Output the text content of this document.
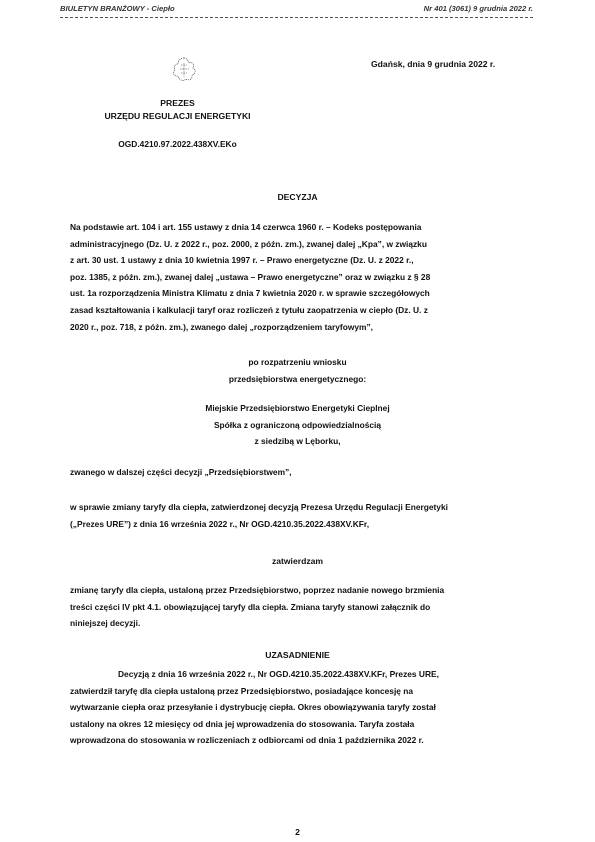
BIULETYN BRANŻOWY - Ciepło	Nr 401 (3061) 9 grudnia 2022 r.
Gdańsk, dnia 9 grudnia 2022 r.
PREZES
URZĘDU REGULACJI ENERGETYKI
OGD.4210.97.2022.438XV.EKo
DECYZJA
Na podstawie art. 104 i art. 155 ustawy z dnia 14 czerwca 1960 r. – Kodeks postępowania
administracyjnego (Dz. U. z 2022 r., poz. 2000, z późn. zm.), zwanej dalej „Kpa”, w związku
z art. 30 ust. 1 ustawy z dnia 10 kwietnia 1997 r. – Prawo energetyczne (Dz. U. z 2022 r.,
poz. 1385, z późn. zm.), zwanej dalej „ustawa – Prawo energetyczne” oraz w związku z § 28
ust. 1a rozporządzenia Ministra Klimatu z dnia 7 kwietnia 2020 r. w sprawie szczegółowych
zasad kształtowania i kalkulacji taryf oraz rozliczeń z tytułu zaopatrzenia w ciepło (Dz. U. z
2020 r., poz. 718, z późn. zm.), zwanego dalej „rozporządzeniem taryfowym”,
po rozpatrzeniu wniosku
przedsiębiorstwa energetycznego:
Miejskie Przedsiębiorstwo Energetyki Cieplnej
Spółka z ograniczoną odpowiedzialnością
z siedzibą w Lęborku,
zwanego w dalszej części decyzji „Przedsiębiorstwem”,
w sprawie zmiany taryfy dla ciepła, zatwierdzonej decyzją Prezesa Urzędu Regulacji Energetyki
(„Prezes URE”) z dnia 16 września 2022 r., Nr OGD.4210.35.2022.438XV.KFr,
zatwierdzam
zmianę taryfy dla ciepła, ustaloną przez Przedsiębiorstwo, poprzez nadanie nowego brzmienia
treści części IV pkt 4.1. obowiązującej taryfy dla ciepła. Zmiana taryfy stanowi załącznik do
niniejszej decyzji.
UZASADNIENIE
Decyzją z dnia 16 września 2022 r., Nr OGD.4210.35.2022.438XV.KFr, Prezes URE,
zatwierdził taryfę dla ciepła ustaloną przez Przedsiębiorstwo, posiadające koncesję na
wytwarzanie ciepła oraz przesyłanie i dystrybucję ciepła. Okres obowiązywania taryfy został
ustalony na okres 12 miesięcy od dnia jej wprowadzenia do stosowania. Taryfa została
wprowadzona do stosowania w rozliczeniach z odbiorcami od dnia 1 października 2022 r.
2
